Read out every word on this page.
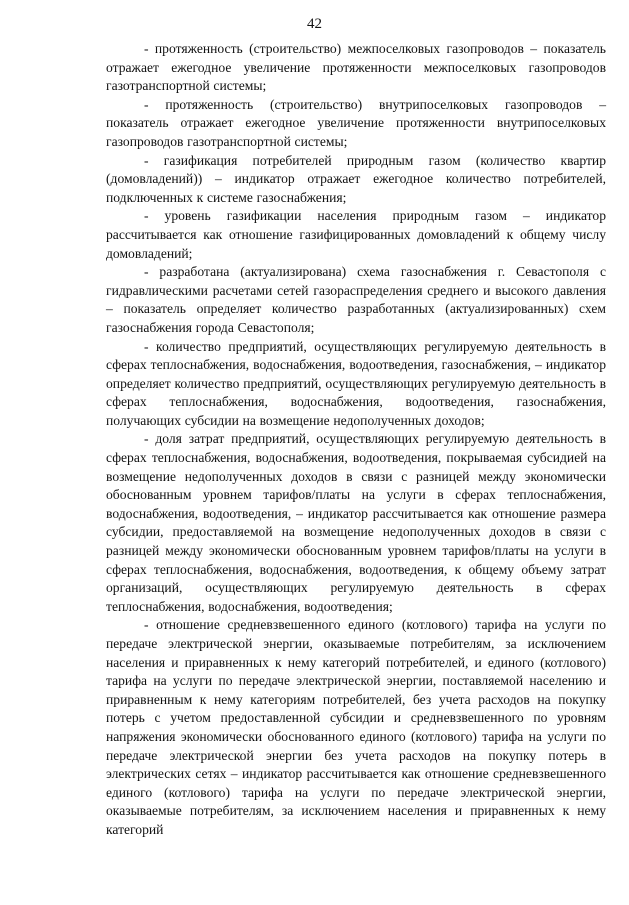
42

- протяженность (строительство) межпоселковых газопроводов – показатель отражает ежегодное увеличение протяженности межпоселковых газопроводов газотранспортной системы;

- протяженность (строительство) внутрипоселковых газопроводов – показатель отражает ежегодное увеличение протяженности внутрипоселковых газопроводов газотранспортной системы;

- газификация потребителей природным газом (количество квартир (домовладений)) – индикатор отражает ежегодное количество потребителей, подключенных к системе газоснабжения;

- уровень газификации населения природным газом – индикатор рассчитывается как отношение газифицированных домовладений к общему числу домовладений;

- разработана (актуализирована) схема газоснабжения г. Севастополя с гидравлическими расчетами сетей газораспределения среднего и высокого давления – показатель определяет количество разработанных (актуализированных) схем газоснабжения города Севастополя;

- количество предприятий, осуществляющих регулируемую деятельность в сферах теплоснабжения, водоснабжения, водоотведения, газоснабжения, – индикатор определяет количество предприятий, осуществляющих регулируемую деятельность в сферах теплоснабжения, водоснабжения, водоотведения, газоснабжения, получающих субсидии на возмещение недополученных доходов;

- доля затрат предприятий, осуществляющих регулируемую деятельность в сферах теплоснабжения, водоснабжения, водоотведения, покрываемая субсидией на возмещение недополученных доходов в связи с разницей между экономически обоснованным уровнем тарифов/платы на услуги в сферах теплоснабжения, водоснабжения, водоотведения, – индикатор рассчитывается как отношение размера субсидии, предоставляемой на возмещение недополученных доходов в связи с разницей между экономически обоснованным уровнем тарифов/платы на услуги в сферах теплоснабжения, водоснабжения, водоотведения, к общему объему затрат организаций, осуществляющих регулируемую деятельность в сферах теплоснабжения, водоснабжения, водоотведения;

- отношение средневзвешенного единого (котлового) тарифа на услуги по передаче электрической энергии, оказываемые потребителям, за исключением населения и приравненных к нему категорий потребителей, и единого (котлового) тарифа на услуги по передаче электрической энергии, поставляемой населению и приравненным к нему категориям потребителей, без учета расходов на покупку потерь с учетом предоставленной субсидии и средневзвешенного по уровням напряжения экономически обоснованного единого (котлового) тарифа на услуги по передаче электрической энергии без учета расходов на покупку потерь в электрических сетях – индикатор рассчитывается как отношение средневзвешенного единого (котлового) тарифа на услуги по передаче электрической энергии, оказываемые потребителям, за исключением населения и приравненных к нему категорий
